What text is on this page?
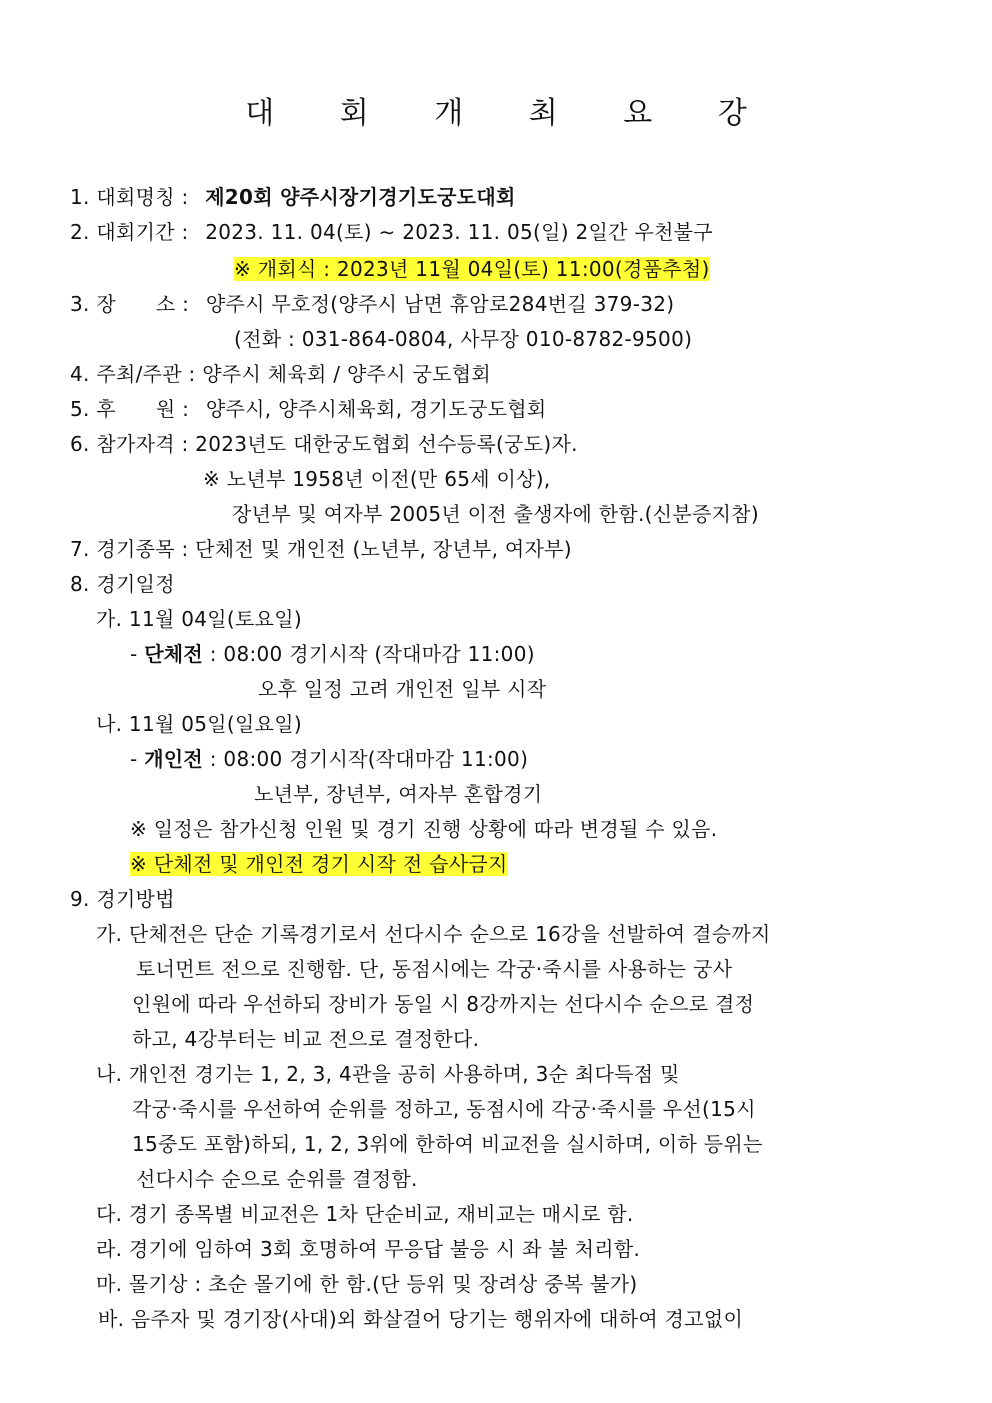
대 회 개 최 요 강
1. 대회명칭 : 제20회 양주시장기경기도궁도대회
2. 대회기간 : 2023. 11. 04(토) ∼ 2023. 11. 05(일) 2일간 우천불구
※ 개회식 : 2023년 11월 04일(토) 11:00(경품추첨)
3. 장      소 : 양주시 무호정(양주시 남면 휴암로284번길 379-32)
(전화 : 031-864-0804, 사무장 010-8782-9500)
4. 주최/주관 : 양주시 체육회 / 양주시 궁도협회
5. 후      원 : 양주시, 양주시체육회, 경기도궁도협회
6. 참가자격 : 2023년도 대한궁도협회 선수등록(궁도)자.
※ 노년부 1958년 이전(만 65세 이상),
장년부 및 여자부 2005년 이전 출생자에 한함.(신분증지참)
7. 경기종목 : 단체전 및 개인전 (노년부, 장년부, 여자부)
8. 경기일정
가. 11월 04일(토요일)
- 단체전 : 08:00 경기시작 (작대마감 11:00)
오후 일정 고려 개인전 일부 시작
나. 11월 05일(일요일)
- 개인전 : 08:00 경기시작(작대마감 11:00)
노년부, 장년부, 여자부 혼합경기
※ 일정은 참가신청 인원 및 경기 진행 상황에 따라 변경될 수 있음.
※ 단체전 및 개인전 경기 시작 전 습사금지
9. 경기방법
가. 단체전은 단순 기록경기로서 선다시수 순으로 16강을 선발하여 결승까지
토너먼트 전으로 진행함. 단, 동점시에는 각궁·죽시를 사용하는 궁사
인원에 따라 우선하되 장비가 동일 시 8강까지는 선다시수 순으로 결정
하고, 4강부터는 비교 전으로 결정한다.
나. 개인전 경기는 1, 2, 3, 4관을 공히 사용하며, 3순 최다득점 및
각궁·죽시를 우선하여 순위를 정하고, 동점시에 각궁·죽시를 우선(15시
15중도 포함)하되, 1, 2, 3위에 한하여 비교전을 실시하며, 이하 등위는
선다시수 순으로 순위를 결정함.
다. 경기 종목별 비교전은 1차 단순비교, 재비교는 매시로 함.
라. 경기에 임하여 3회 호명하여 무응답 불응 시 좌 불 처리함.
마. 몰기상 : 초순 몰기에 한 함.(단 등위 및 장려상 중복 불가)
바. 음주자 및 경기장(사대)외 화살걸어 당기는 행위자에 대하여 경고없이
